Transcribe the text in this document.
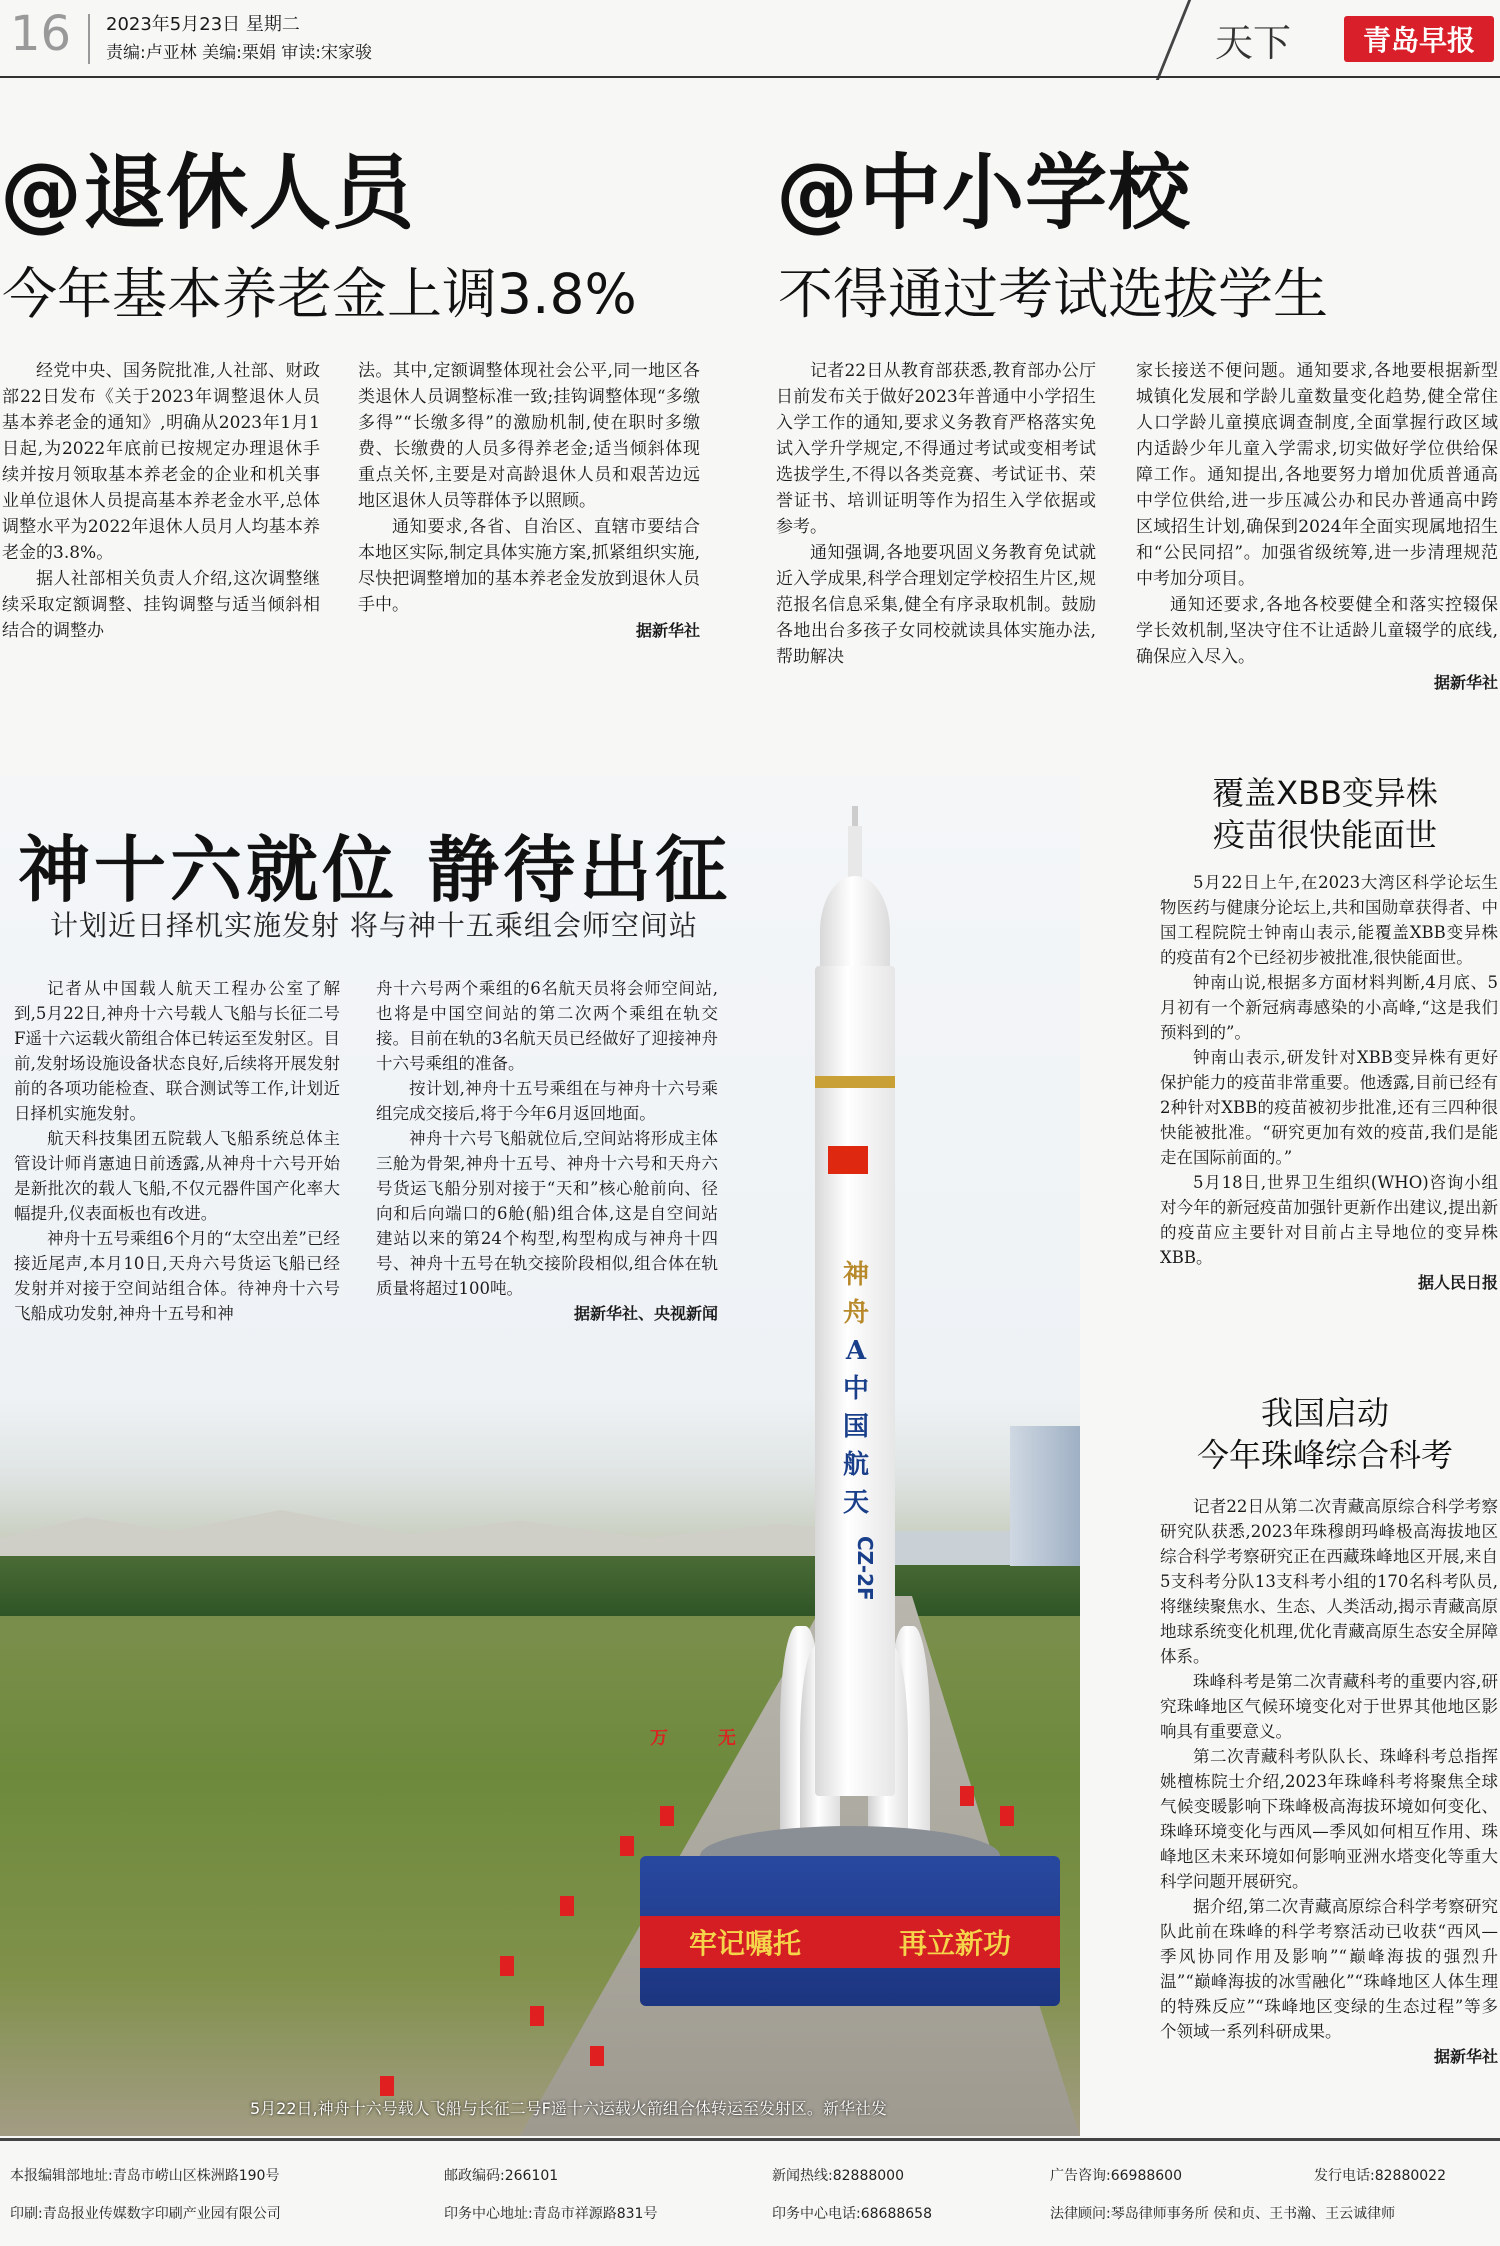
16 2023年5月23日 星期二
责编:卢亚林 美编:栗娟 审读:宋家骏	天下	青岛早报
@退休人员
今年基本养老金上调3.8%

经党中央、国务院批准,人社部、财政部22日发布《关于2023年调整退休人员基本养老金的通知》,明确从2023年1月1日起,为2022年底前已按规定办理退休手续并按月领取基本养老金的企业和机关事业单位退休人员提高基本养老金水平,总体调整水平为2022年退休人员月人均基本养老金的3.8%。

据人社部相关负责人介绍,这次调整继续采取定额调整、挂钩调整与适当倾斜相结合的调整办

法。其中,定额调整体现社会公平,同一地区各类退休人员调整标准一致;挂钩调整体现“多缴多得”“长缴多得”的激励机制,使在职时多缴费、长缴费的人员多得养老金;适当倾斜体现重点关怀,主要是对高龄退休人员和艰苦边远地区退休人员等群体予以照顾。

通知要求,各省、自治区、直辖市要结合本地区实际,制定具体实施方案,抓紧组织实施,尽快把调整增加的基本养老金发放到退休人员手中。

据新华社
@中小学校
不得通过考试选拔学生

记者22日从教育部获悉,教育部办公厅日前发布关于做好2023年普通中小学招生入学工作的通知,要求义务教育严格落实免试入学升学规定,不得通过考试或变相考试选拔学生,不得以各类竞赛、考试证书、荣誉证书、培训证明等作为招生入学依据或参考。

通知强调,各地要巩固义务教育免试就近入学成果,科学合理划定学校招生片区,规范报名信息采集,健全有序录取机制。鼓励各地出台多孩子女同校就读具体实施办法,帮助解决

家长接送不便问题。通知要求,各地要根据新型城镇化发展和学龄儿童数量变化趋势,健全常住人口学龄儿童摸底调查制度,全面掌握行政区域内适龄少年儿童入学需求,切实做好学位供给保障工作。通知提出,各地要努力增加优质普通高中学位供给,进一步压减公办和民办普通高中跨区域招生计划,确保到2024年全面实现属地招生和“公民同招”。加强省级统筹,进一步清理规范中考加分项目。

通知还要求,各地各校要健全和落实控辍保学长效机制,坚决守住不让适龄儿童辍学的底线,确保应入尽入。

据新华社
神
舟
A
中
国
航
天
CZ-2F
牢记嘱托	再立新功
万	无
神十六就位 静待出征
计划近日择机实施发射 将与神十五乘组会师空间站

记者从中国载人航天工程办公室了解到,5月22日,神舟十六号载人飞船与长征二号F遥十六运载火箭组合体已转运至发射区。目前,发射场设施设备状态良好,后续将开展发射前的各项功能检查、联合测试等工作,计划近日择机实施发射。

航天科技集团五院载人飞船系统总体主管设计师肖憲迪日前透露,从神舟十六号开始是新批次的载人飞船,不仅元器件国产化率大幅提升,仪表面板也有改进。

神舟十五号乘组6个月的“太空出差”已经接近尾声,本月10日,天舟六号货运飞船已经发射并对接于空间站组合体。待神舟十六号飞船成功发射,神舟十五号和神

舟十六号两个乘组的6名航天员将会师空间站,也将是中国空间站的第二次两个乘组在轨交接。目前在轨的3名航天员已经做好了迎接神舟十六号乘组的准备。

按计划,神舟十五号乘组在与神舟十六号乘组完成交接后,将于今年6月返回地面。

神舟十六号飞船就位后,空间站将形成主体三舱为骨架,神舟十五号、神舟十六号和天舟六号货运飞船分别对接于“天和”核心舱前向、径向和后向端口的6舱(船)组合体,这是自空间站建站以来的第24个构型,构型构成与神舟十四号、神舟十五号在轨交接阶段相似,组合体在轨质量将超过100吨。

据新华社、央视新闻
5月22日,神舟十六号载人飞船与长征二号F遥十六运载火箭组合体转运至发射区。新华社发
覆盖XBB变异株
疫苗很快能面世

5月22日上午,在2023大湾区科学论坛生物医药与健康分论坛上,共和国勋章获得者、中国工程院院士钟南山表示,能覆盖XBB变异株的疫苗有2个已经初步被批准,很快能面世。

钟南山说,根据多方面材料判断,4月底、5月初有一个新冠病毒感染的小高峰,“这是我们预料到的”。

钟南山表示,研发针对XBB变异株有更好保护能力的疫苗非常重要。他透露,目前已经有2种针对XBB的疫苗被初步批准,还有三四种很快能被批准。“研究更加有效的疫苗,我们是能走在国际前面的。”

5月18日,世界卫生组织(WHO)咨询小组对今年的新冠疫苗加强针更新作出建议,提出新的疫苗应主要针对目前占主导地位的变异株XBB。

据人民日报
我国启动
今年珠峰综合科考

记者22日从第二次青藏高原综合科学考察研究队获悉,2023年珠穆朗玛峰极高海拔地区综合科学考察研究正在西藏珠峰地区开展,来自5支科考分队13支科考小组的170名科考队员,将继续聚焦水、生态、人类活动,揭示青藏高原地球系统变化机理,优化青藏高原生态安全屏障体系。

珠峰科考是第二次青藏科考的重要内容,研究珠峰地区气候环境变化对于世界其他地区影响具有重要意义。

第二次青藏科考队队长、珠峰科考总指挥姚檀栋院士介绍,2023年珠峰科考将聚焦全球气候变暖影响下珠峰极高海拔环境如何变化、珠峰环境变化与西风—季风如何相互作用、珠峰地区未来环境如何影响亚洲水塔变化等重大科学问题开展研究。

据介绍,第二次青藏高原综合科学考察研究队此前在珠峰的科学考察活动已收获“西风—季风协同作用及影响”“巅峰海拔的强烈升温”“巅峰海拔的冰雪融化”“珠峰地区人体生理的特殊反应”“珠峰地区变绿的生态过程”等多个领域一系列科研成果。

据新华社
本报编辑部地址:青岛市崂山区株洲路190号	邮政编码:266101	新闻热线:82888000	广告咨询:66988600	发行电话:82880022
印刷:青岛报业传媒数字印刷产业园有限公司	印务中心地址:青岛市祥源路831号	印务中心电话:68688658	法律顾问:琴岛律师事务所 侯和贞、王书瀚、王云诚律师
